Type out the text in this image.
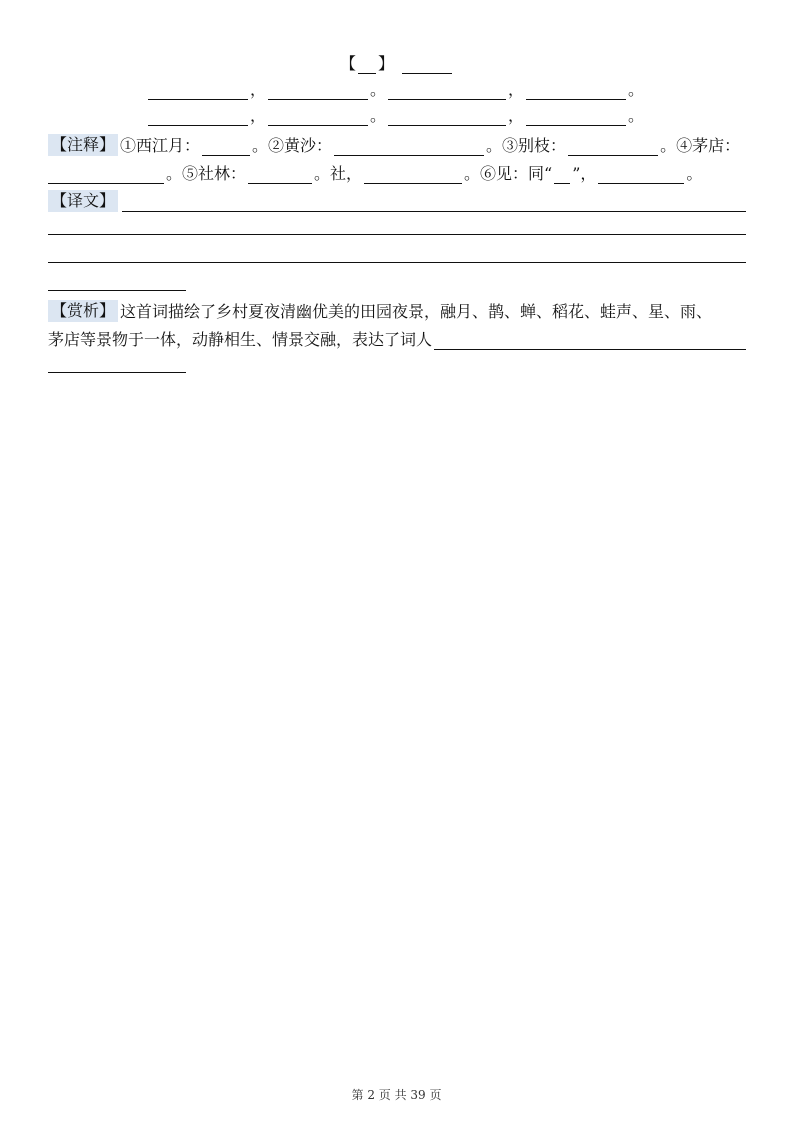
【 】
，	。	，	。
，	。	，	。
【注释】 ①西江月：	。②黄沙：	。③别枝：	。④茅店：
。⑤社林：	。社，	。⑥见：同“ ”，	。
【译文】
【赏析】 这首词描绘了乡村夏夜清幽优美的田园夜景，融月、鹊、蝉、稻花、蛙声、星、雨、
茅店等景物于一体，动静相生、情景交融，表达了词人
第 2 页 共 39 页
